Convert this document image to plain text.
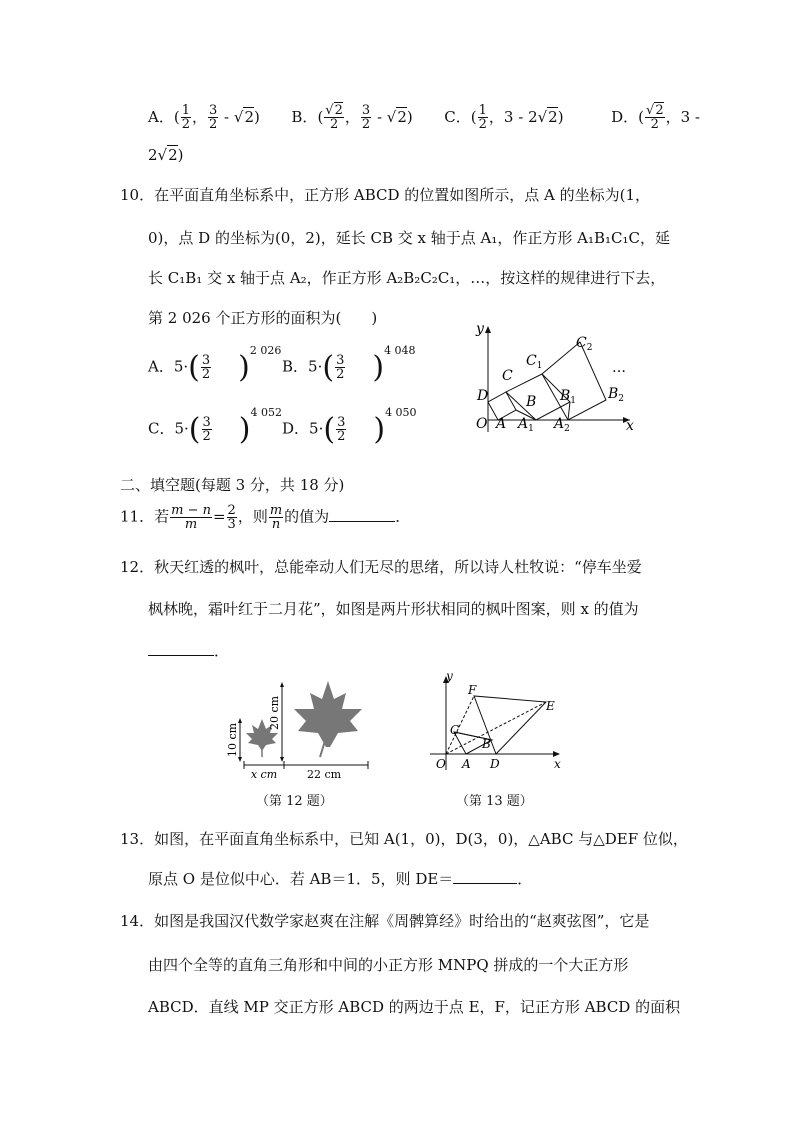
A．( $\frac{1}{2}$ ， $\frac{3}{2} - √2$)  B．( $\frac{√2}{2}$ ， $\frac{3}{2} - √2$)  C．( $\frac{1}{2}$ ，3 - 2√2)	D．( $\frac{√2}{2}$ ，3 -
2√2)
10．在平面直角坐标系中，正方形 ABCD 的位置如图所示，点 A 的坐标为(1，
0)，点 D 的坐标为(0，2)，延长 CB 交 x 轴于点 A₁，作正方形 A₁B₁C₁C，延
长 C₁B₁ 交 x 轴于点 A₂，作正方形 A₂B₂C₂C₁，…，按这样的规律进行下去，
第 2 026 个正方形的面积为(　　)
A．$5\cdot( \frac{3}{2} )^{2 026}$
B．$5\cdot( \frac{3}{2} )^{4 048}$
C．$5\cdot( \frac{3}{2} )^{4 052}$
D．$5\cdot( \frac{3}{2} )^{4 050}$
y
x
O A $A_1$ $A_2$
D	B
C
$C_1$
$B_1$
$C_2$
$B_2$
…
二、填空题(每题 3 分，共 18 分)
11．若 $\frac{m - n}{m} = \frac{2}{3}$ ，则 $\frac{m}{n}$ 的值为	．
12．秋天红透的枫叶，总能牵动人们无尽的思绪，所以诗人杜牧说：“停车坐爱
枫林晚，霜叶红于二月花”，如图是两片形状相同的枫叶图案，则 x 的值为
．
10 cm
20 cm
x cm	22 cm
（第 12 题）
y
x
O A D
B
C
F
E
（第 13 题）
13．如图，在平面直角坐标系中，已知 A(1，0)，D(3，0)，△ABC 与△DEF 位似，
原点 O 是位似中心．若 AB＝1．5，则 DE＝	．
14．如图是我国汉代数学家赵爽在注解《周髀算经》时给出的“赵爽弦图”，它是
由四个全等的直角三角形和中间的小正方形 MNPQ 拼成的一个大正方形
ABCD．直线 MP 交正方形 ABCD 的两边于点 E，F，记正方形 ABCD 的面积
